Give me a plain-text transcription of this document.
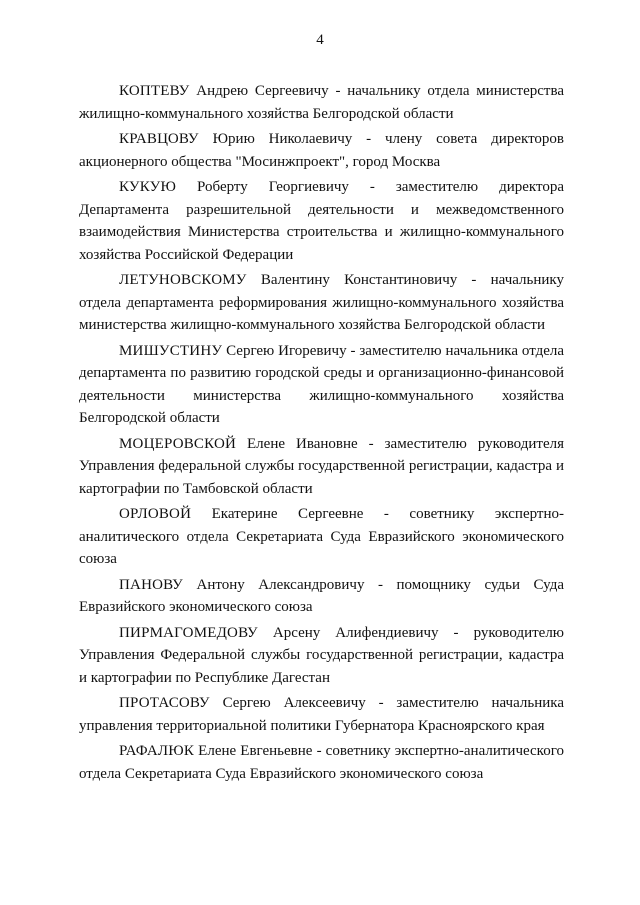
4

КОПТЕВУ Андрею Сергеевичу - начальнику отдела министерства жилищно-коммунального хозяйства Белгородской области

КРАВЦОВУ Юрию Николаевичу - члену совета директоров акционерного общества "Мосинжпроект", город Москва

КУКУЮ Роберту Георгиевичу - заместителю директора Департамента разрешительной деятельности и межведомственного взаимодействия Министерства строительства и жилищно-коммунального хозяйства Российской Федерации

ЛЕТУНОВСКОМУ Валентину Константиновичу - начальнику отдела департамента реформирования жилищно-коммунального хозяйства министерства жилищно-коммунального хозяйства Белгородской области

МИШУСТИНУ Сергею Игоревичу - заместителю начальника отдела департамента по развитию городской среды и организационно-финансовой деятельности министерства жилищно-коммунального хозяйства Белгородской области

МОЦЕРОВСКОЙ Елене Ивановне - заместителю руководителя Управления федеральной службы государственной регистрации, кадастра и картографии по Тамбовской области

ОРЛОВОЙ Екатерине Сергеевне - советнику экспертно-аналитического отдела Секретариата Суда Евразийского экономического союза

ПАНОВУ Антону Александровичу - помощнику судьи Суда Евразийского экономического союза

ПИРМАГОМЕДОВУ Арсену Алифендиевичу - руководителю Управления Федеральной службы государственной регистрации, кадастра и картографии по Республике Дагестан

ПРОТАСОВУ Сергею Алексеевичу - заместителю начальника управления территориальной политики Губернатора Красноярского края

РАФАЛЮК Елене Евгеньевне - советнику экспертно-аналитического отдела Секретариата Суда Евразийского экономического союза
